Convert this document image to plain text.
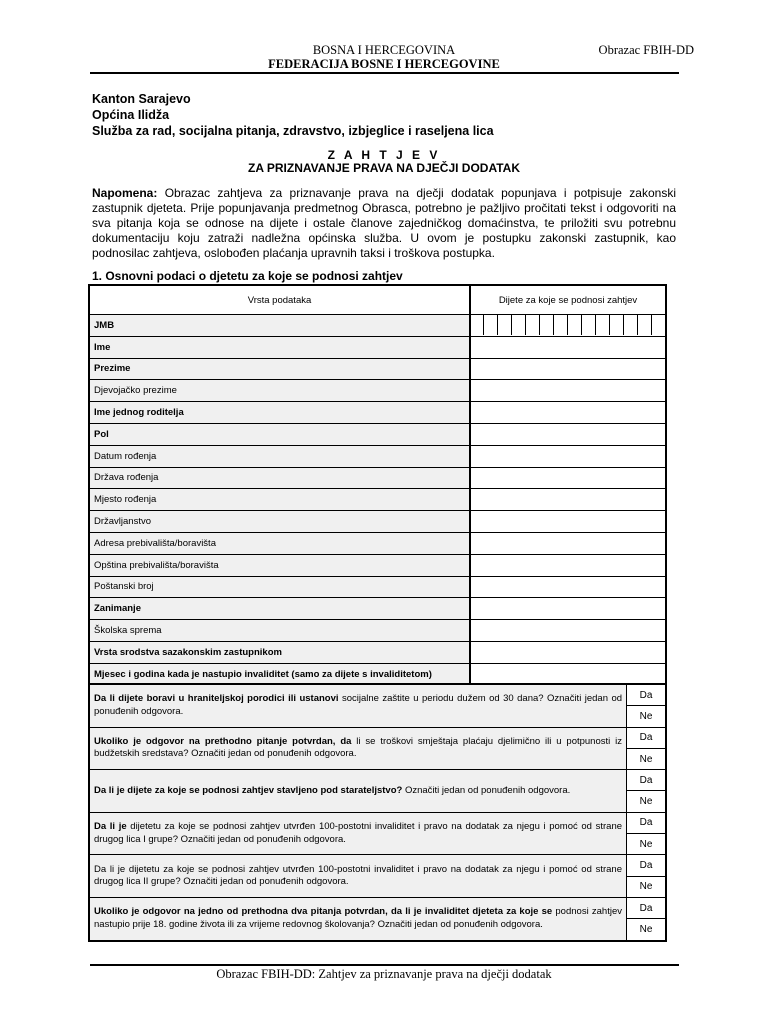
BOSNA I HERCEGOVINA	Obrazac FBIH-DD
FEDERACIJA BOSNE I HERCEGOVINE
Kanton Sarajevo
Općina Ilidža
Služba za rad, socijalna pitanja, zdravstvo, izbjeglice i raseljena lica
Z A H T J E V
ZA PRIZNAVANJE PRAVA NA DJEČJI DODATAK
Napomena: Obrazac zahtjeva za priznavanje prava na dječji dodatak popunjava i potpisuje zakonski zastupnik djeteta. Prije popunjavanja predmetnog Obrasca, potrebno je pažljivo pročitati tekst i odgovoriti na sva pitanja koja se odnose na dijete i ostale članove zajedničkog domaćinstva, te priložiti svu potrebnu dokumentaciju koju zatraži nadležna općinska služba. U ovom je postupku zakonski zastupnik, kao podnosilac zahtjeva, oslobođen plaćanja upravnih taksi i troškova postupka.
1. Osnovni podaci o djetetu za koje se podnosi zahtjev
Vrsta podataka	Dijete za koje se podnosi zahtjev
JMB	

Ime	
Prezime	
Djevojačko prezime	
Ime jednog roditelja	
Pol	
Datum rođenja	
Država rođenja	
Mjesto rođenja	
Državljanstvo	
Adresa prebivališta/boravišta	
Opština prebivališta/boravišta	
Poštanski broj	
Zanimanje	
Školska sprema	
Vrsta srodstva sazakonskim zastupnikom	
Mjesec i godina kada je nastupio invaliditet (samo za dijete s invaliditetom)	
Da li dijete boravi u hraniteljskoj porodici ili ustanovi socijalne zaštite u periodu dužem od 30 dana? Označiti jedan od ponuđenih odgovora.	Da
	Ne
Ukoliko je odgovor na prethodno pitanje potvrdan, da li se troškovi smještaja plaćaju djelimično ili u potpunosti iz budžetskih sredstava? Označiti jedan od ponuđenih odgovora.	Da
	Ne
Da li je dijete za koje se podnosi zahtjev stavljeno pod starateljstvo? Označiti jedan od ponuđenih odgovora.	Da
	Ne
Da li je dijetetu za koje se podnosi zahtjev utvrđen 100-postotni invaliditet i pravo na dodatak za njegu i pomoć od strane drugog lica I grupe? Označiti jedan od ponuđenih odgovora.	Da
	Ne
Da li je dijetetu za koje se podnosi zahtjev utvrđen 100-postotni invaliditet i pravo na dodatak za njegu i pomoć od strane drugog lica II grupe? Označiti jedan od ponuđenih odgovora.	Da
	Ne
Ukoliko je odgovor na jedno od prethodna dva pitanja potvrdan, da li je invaliditet djeteta za koje se podnosi zahtjev nastupio prije 18. godine života ili za vrijeme redovnog školovanja? Označiti jedan od ponuđenih odgovora.	Da
	Ne
Obrazac FBIH-DD: Zahtjev za priznavanje prava na dječji dodatak
